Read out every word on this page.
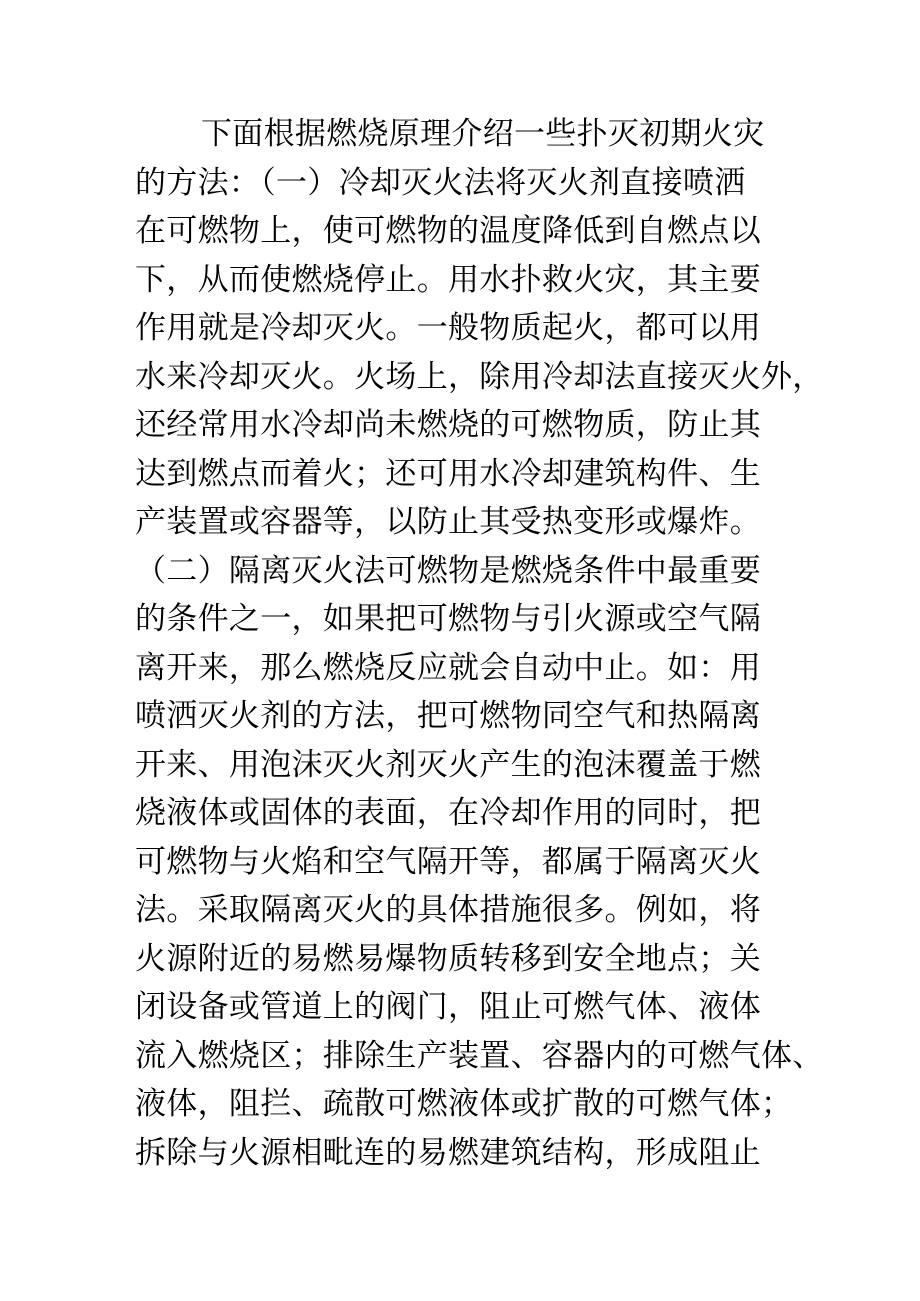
下面根据燃烧原理介绍一些扑灭初期火灾
的方法：（一）冷却灭火法将灭火剂直接喷洒
在可燃物上，使可燃物的温度降低到自燃点以
下，从而使燃烧停止。用水扑救火灾，其主要
作用就是冷却灭火。一般物质起火，都可以用
水来冷却灭火。火场上，除用冷却法直接灭火外，
还经常用水冷却尚未燃烧的可燃物质，防止其
达到燃点而着火；还可用水冷却建筑构件、生
产装置或容器等，以防止其受热变形或爆炸。
（二）隔离灭火法可燃物是燃烧条件中最重要
的条件之一，如果把可燃物与引火源或空气隔
离开来，那么燃烧反应就会自动中止。如：用
喷洒灭火剂的方法，把可燃物同空气和热隔离
开来、用泡沫灭火剂灭火产生的泡沫覆盖于燃
烧液体或固体的表面，在冷却作用的同时，把
可燃物与火焰和空气隔开等，都属于隔离灭火
法。采取隔离灭火的具体措施很多。例如，将
火源附近的易燃易爆物质转移到安全地点；关
闭设备或管道上的阀门，阻止可燃气体、液体
流入燃烧区；排除生产装置、容器内的可燃气体、
液体，阻拦、疏散可燃液体或扩散的可燃气体；
拆除与火源相毗连的易燃建筑结构，形成阻止
